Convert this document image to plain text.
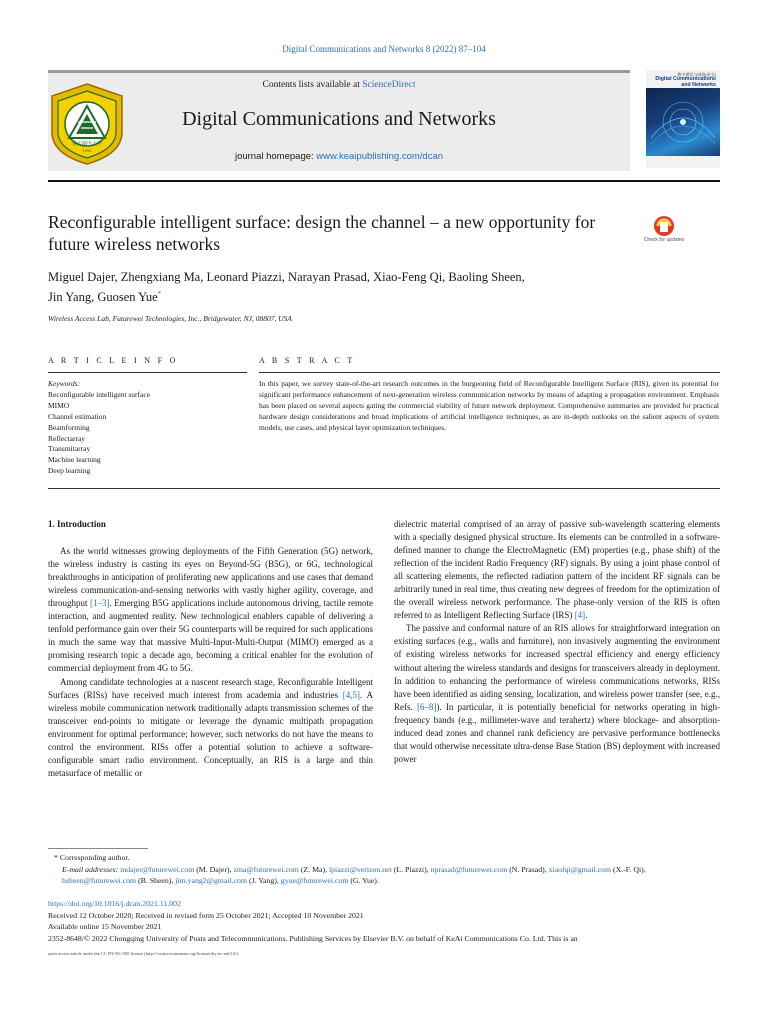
Digital Communications and Networks 8 (2022) 87–104
Contents lists available at ScienceDirect
Digital Communications and Networks
journal homepage: www.keaipublishing.com/dcan
重庆邮电大学
1950
数字通信与网络(英文)
Digital Communications and Networks
Reconfigurable intelligent surface: design the channel – a new opportunity for future wireless networks	Check for updates
Miguel Dajer, Zhengxiang Ma, Leonard Piazzi, Narayan Prasad, Xiao-Feng Qi, Baoling Sheen,
Jin Yang, Guosen Yue*
Wireless Access Lab, Futurewei Technologies, Inc., Bridgewater, NJ, 08807, USA
A R T I C L E I N F O	A B S T R A C T
Keywords:
Reconfigurable intelligent surface
MIMO
Channel estimation
Beamforming
Reflectarray
Transmitarray
Machine learning
Deep learning
In this paper, we survey state-of-the-art research outcomes in the burgeoning field of Reconfigurable Intelligent Surface (RIS), given its potential for significant performance enhancement of next-generation wireless communication networks by means of adapting a propagation environment. Emphasis has been placed on several aspects gating the commercial viability of future network deployment. Comprehensive summaries are provided for practical hardware design considerations and broad implications of artificial intelligence techniques, as are in-depth outlooks on the salient aspects of system models, use cases, and physical layer optimization techniques.

1. Introduction

As the world witnesses growing deployments of the Fifth Generation (5G) network, the wireless industry is casting its eyes on Beyond-5G (B5G), or 6G, technological breakthroughs in anticipation of proliferating new applications and use cases that demand wireless communication-and-sensing networks with vastly higher agility, coverage, and throughput [1–3]. Emerging B5G applications include autonomous driving, tactile remote interaction, and augmented reality. New technological enablers capable of delivering a tenfold performance gain over their 5G counterparts will be required for such applications in much the same way that massive Multi-Input-Multi-Output (MIMO) emerged as a promising research topic a decade ago, becoming a critical enabler for the evolution of commercial deployment from 4G to 5G.

Among candidate technologies at a nascent research stage, Reconfigurable Intelligent Surfaces (RISs) have received much interest from academia and industries [4,5]. A wireless mobile communication network traditionally adapts transmission schemes of the transceiver end-points to mitigate or leverage the dynamic multipath propagation environment for optimal performance; however, such networks do not have the means to control the environment. RISs offer a potential solution to achieve a software-configurable smart radio environment. Conceptually, an RIS is a large and thin metasurface of metallic or

dielectric material comprised of an array of passive sub-wavelength scattering elements with a specially designed physical structure. Its elements can be controlled in a software-defined manner to change the ElectroMagnetic (EM) properties (e.g., phase shift) of the reflection of the incident Radio Frequency (RF) signals. By using a joint phase control of all scattering elements, the reflected radiation pattern of the incident RF signals can be arbitrarily tuned in real time, thus creating new degrees of freedom for the optimization of the overall wireless network performance. The phase-only version of the RIS is often referred to as Intelligent Reflecting Surface (IRS) [4].

The passive and conformal nature of an RIS allows for straightforward integration on existing surfaces (e.g., walls and furniture), non invasively augmenting the environment of existing wireless networks for increased spectral efficiency and energy efficiency without altering the wireless standards and designs for transceivers already in deployment. In addition to enhancing the performance of wireless communications networks, RISs have been identified as aiding sensing, localization, and wireless power transfer (see, e.g., Refs. [6–8]). In particular, it is potentially beneficial for networks operating in high-frequency bands (e.g., millimeter-wave and terahertz) where blockage- and absorption-induced dead zones and channel rank deficiency are pervasive performance bottlenecks that would otherwise necessitate ultra-dense Base Station (BS) deployment with increased power

* Corresponding author.
E-mail addresses: mdajer@futurewei.com (M. Dajer), zma@futurewei.com (Z. Ma), lpiazzi@verizon.net (L. Piazzi), nprasad@futurewei.com (N. Prasad), xiaofqi@gmail.com (X.-F. Qi), bsheen@futurewei.com (B. Sheen), jim.yang2@gmail.com (J. Yang), gyue@futurewei.com (G. Yue).
https://doi.org/10.1016/j.dcan.2021.11.002
Received 12 October 2020; Received in revised form 25 October 2021; Accepted 10 November 2021
Available online 15 November 2021
2352-8648/© 2022 Chongqing University of Posts and Telecommunications. Publishing Services by Elsevier B.V. on behalf of KeAi Communications Co. Ltd. This is an
open access article under the CC BY-NC-ND license (http://creativecommons.org/licenses/by-nc-nd/4.0/).
